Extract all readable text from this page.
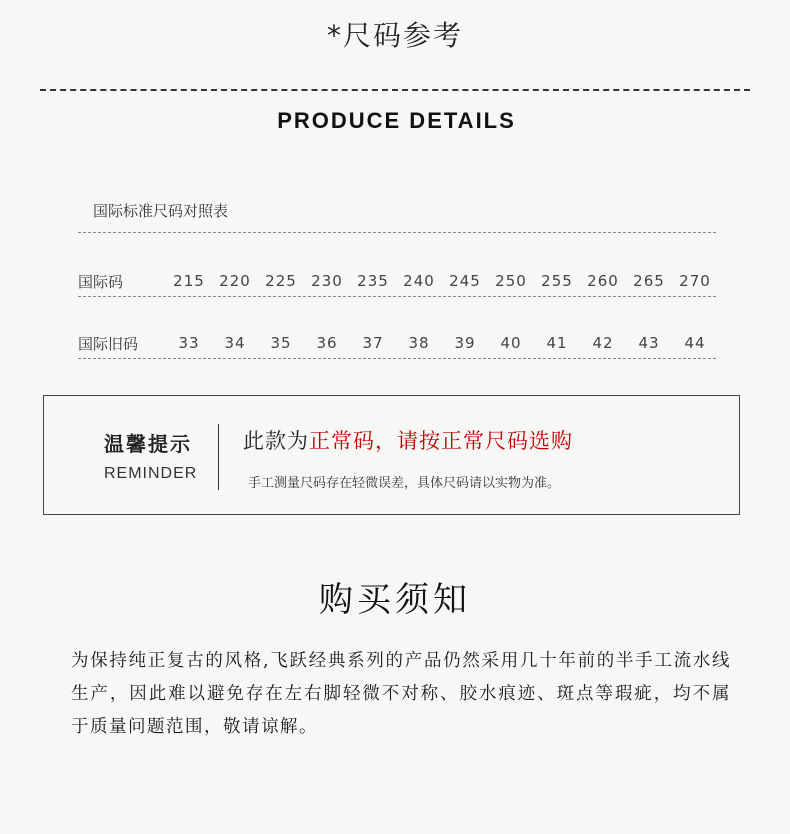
*尺码参考
PRODUCE DETAILS
国际标准尺码对照表
国际码	215 220 225 230 235 240 245 250 255 260 265 270
国际旧码	33	34	35	36	37	38	39	40	41	42	43	44
温馨提示
REMINDER
此款为正常码，请按正常尺码选购
手工测量尺码存在轻微误差，具体尺码请以实物为准。
购买须知
为保持纯正复古的风格,飞跃经典系列的产品仍然采用几十年前的半手工流水线生产，因此难以避免存在左右脚轻微不对称、胶水痕迹、斑点等瑕疵，均不属于质量问题范围，敬请谅解。
